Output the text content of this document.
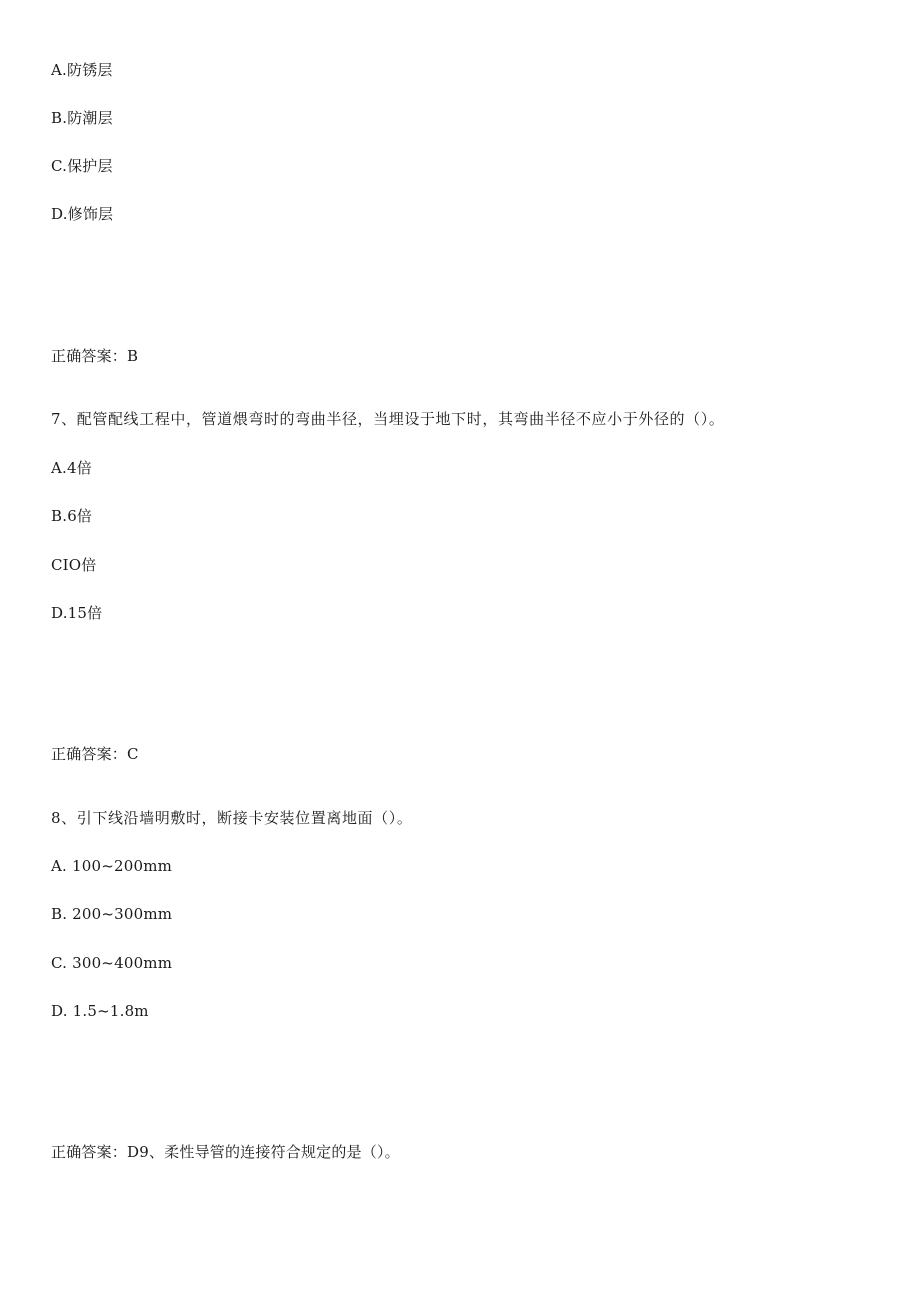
A.防锈层

B.防潮层

C.保护层

D.修饰层

正确答案：B

7、配管配线工程中，管道煨弯时的弯曲半径，当埋设于地下时，其弯曲半径不应小于外径的（）。

A.4倍

B.6倍

CIO倍

D.15倍

正确答案：C

8、引下线沿墙明敷时，断接卡安装位置离地面（）。

A. 100~200mm

B. 200~300mm

C. 300~400mm

D. 1.5~1.8m

正确答案：D9、柔性导管的连接符合规定的是（）。
